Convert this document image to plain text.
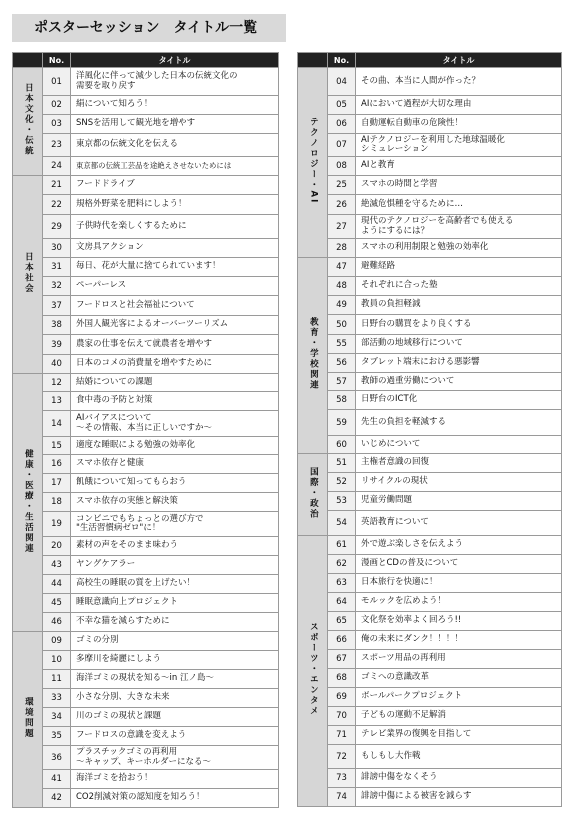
ポスターセッション　タイトル一覧
	No.	タイトル
日本文化・伝統	01	洋風化に伴って減少した日本の伝統文化の
需要を取り戻す

	02	絹について知ろう！

	03	SNSを活用して観光地を増やす

	23	東京都の伝統文化を伝える

	24	東京都の伝統工芸品を途絶えさせないためには

日本社会	21	フードドライブ

	22	規格外野菜を肥料にしよう！

	29	子供時代を楽しくするために

	30	文房具アクション

	31	毎日、花が大量に捨てられています！

	32	ペーパーレス

	37	フードロスと社会福祉について

	38	外国人観光客によるオーバーツーリズム

	39	農家の仕事を伝えて就農者を増やす

	40	日本のコメの消費量を増やすために

健康・医療・生活関連	12	結婚についての課題

	13	食中毒の予防と対策

	14	AIバイアスについて
〜その情報、本当に正しいですか〜

	15	適度な睡眠による勉強の効率化

	16	スマホ依存と健康

	17	飢餓について知ってもらおう

	18	スマホ依存の実態と解決策

	19	コンビニでもちょっとの選び方で
"生活習慣病ゼロ"に！

	20	素材の声をそのまま味わう

	43	ヤングケアラー

	44	高校生の睡眠の質を上げたい！

	45	睡眠意識向上プロジェクト

	46	不幸な猫を減らすために

環境問題	09	ゴミの分別

	10	多摩川を綺麗にしよう

	11	海洋ゴミの現状を知る〜in 江ノ島〜

	33	小さな分別、大きな未来

	34	川のゴミの現状と課題

	35	フードロスの意識を変えよう

	36	プラスチックゴミの再利用
〜キャップ、キーホルダーになる〜

	41	海洋ゴミを拾おう！

	42	CO2削減対策の認知度を知ろう！
	No.	タイトル
テクノロジー・AI	04	その曲、本当に人間が作った？

	05	AIにおいて過程が大切な理由

	06	自動運転自動車の危険性！

	07	AIテクノロジーを利用した地球温暖化
シミュレーション

	08	AIと教育

	25	スマホの時間と学習

	26	絶滅危惧種を守るために…

	27	現代のテクノロジーを高齢者でも使える
ようにするには？

	28	スマホの利用制限と勉強の効率化

教育・学校関連	47	避難経路

	48	それぞれに合った塾

	49	教員の負担軽減

	50	日野台の購買をより良くする

	55	部活動の地域移行について

	56	タブレット端末における悪影響

	57	教師の過重労働について

	58	日野台のICT化

	59	先生の負担を軽減する

	60	いじめについて

国際・政治	51	主権者意識の回復

	52	リサイクルの現状

	53	児童労働問題

	54	英語教育について

スポーツ・エンタメ	61	外で遊ぶ楽しさを伝えよう

	62	漫画とCDの普及について

	63	日本旅行を快適に！

	64	モルックを広めよう！

	65	文化祭を効率よく回ろう!!

	66	俺の未来にダンク！！！！

	67	スポーツ用品の再利用

	68	ゴミへの意識改革

	69	ボールパークプロジェクト

	70	子どもの運動不足解消

	71	テレビ業界の復興を目指して

	72	もしもし大作戦

	73	誹謗中傷をなくそう

	74	誹謗中傷による被害を減らす
